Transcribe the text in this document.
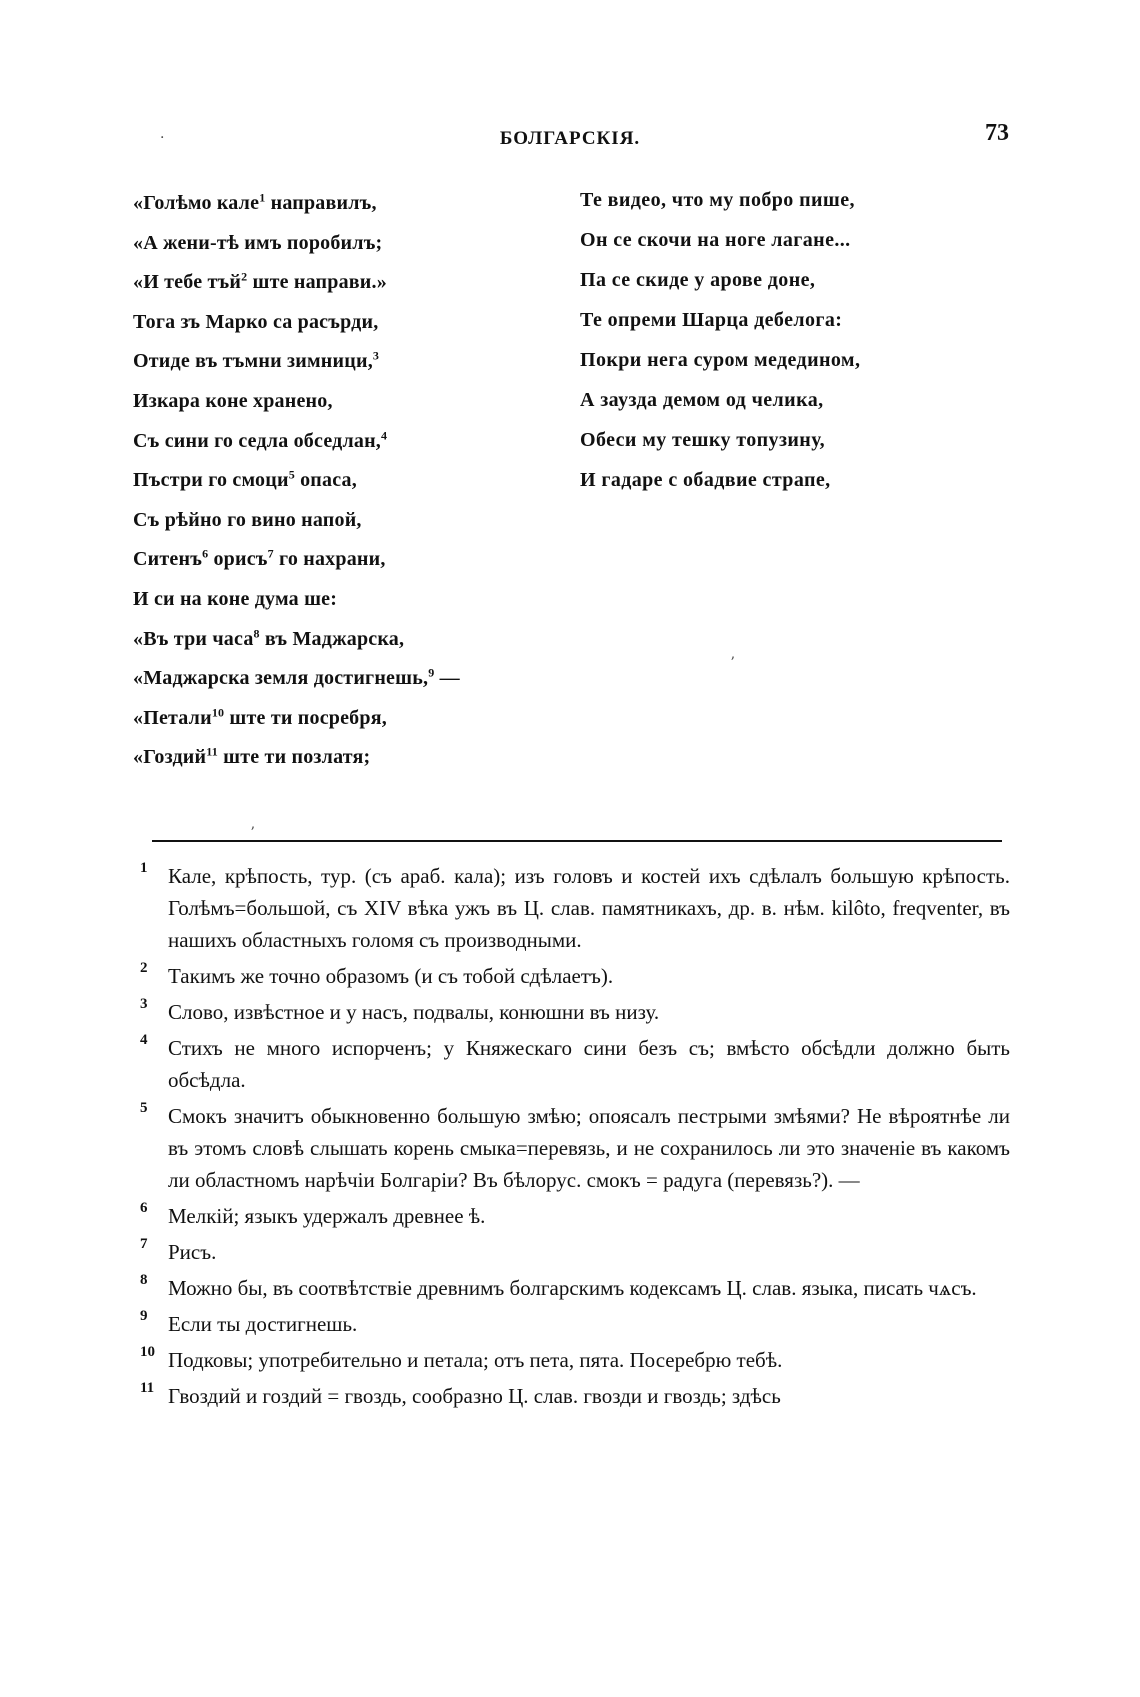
БОЛГАРСКІЯ.	73
«Голѣмо кале$^1$ направилъ,
«А жени-тѣ имъ поробилъ;
«И тебе тъй$^2$ ште направи.»
Тога зъ Марко са расърди,
Отиде въ тъмни зимници,$^3$
Изкара коне хранено,
Съ сини го седла обседлан,$^4$
Пъстри го смоци$^5$ опаса,
Съ рѣйно го вино напой,
Ситенъ$^6$ орисъ$^7$ го нахрани,
И си на коне дума ше:
«Въ три часа$^8$ въ Маджарска,
«Маджарска земля достигнешь,$^9$ —
«Петали$^{10}$ ште ти посребря,
«Гоздий$^{11}$ ште ти позлатя;
Те видео, что му побро пише,
Он се скочи на ноге лагане...
Па се скиде у арове доне,
Те опреми Шарца дебелога:
Покри нега суром медедином,
А заузда демом од челика,
Обеси му тешку топузину,
И гадаре с обадвие страпе,
1 Кале, крѣпость, тур. (съ араб. кала); изъ головъ и костей ихъ сдѣлалъ большую крѣпость. Голѣмъ=большой, съ XIV вѣка ужъ въ Ц. слав. памятникахъ, др. в. нѣм. kilôto, freqventer, въ нашихъ областныхъ голомя съ производными.
2 Такимъ же точно образомъ (и съ тобой сдѣлаетъ).
3 Слово, извѣстное и у насъ, подвалы, конюшни въ низу.
4 Стихъ не много испорченъ; у Княжескаго сини безъ съ; вмѣсто обсѣдли должно быть обсѣдла.
5 Смокъ значитъ обыкновенно большую змѣю; опоясалъ пестрыми змѣями? Не вѣроятнѣе ли въ этомъ словѣ слышать корень смыка=перевязь, и не сохранилось ли это значеніе въ какомъ ли областномъ нарѣчіи Болгаріи? Въ бѣлорус. смокъ = радуга (перевязь?). —
6 Мелкій; языкъ удержалъ древнее ѣ.
7 Рисъ.
8 Можно бы, въ соотвѣтствіе древнимъ болгарскимъ кодексамъ Ц. слав. языка, писать чѧсъ.
9 Если ты достигнешь.
10 Подковы; употребительно и петала; отъ пета, пята. Посеребрю тебѣ.
11 Гвоздий и гоздий = гвоздь, сообразно Ц. слав. гвозди и гвоздь; здѣсь
·
ʼ
ʼ
